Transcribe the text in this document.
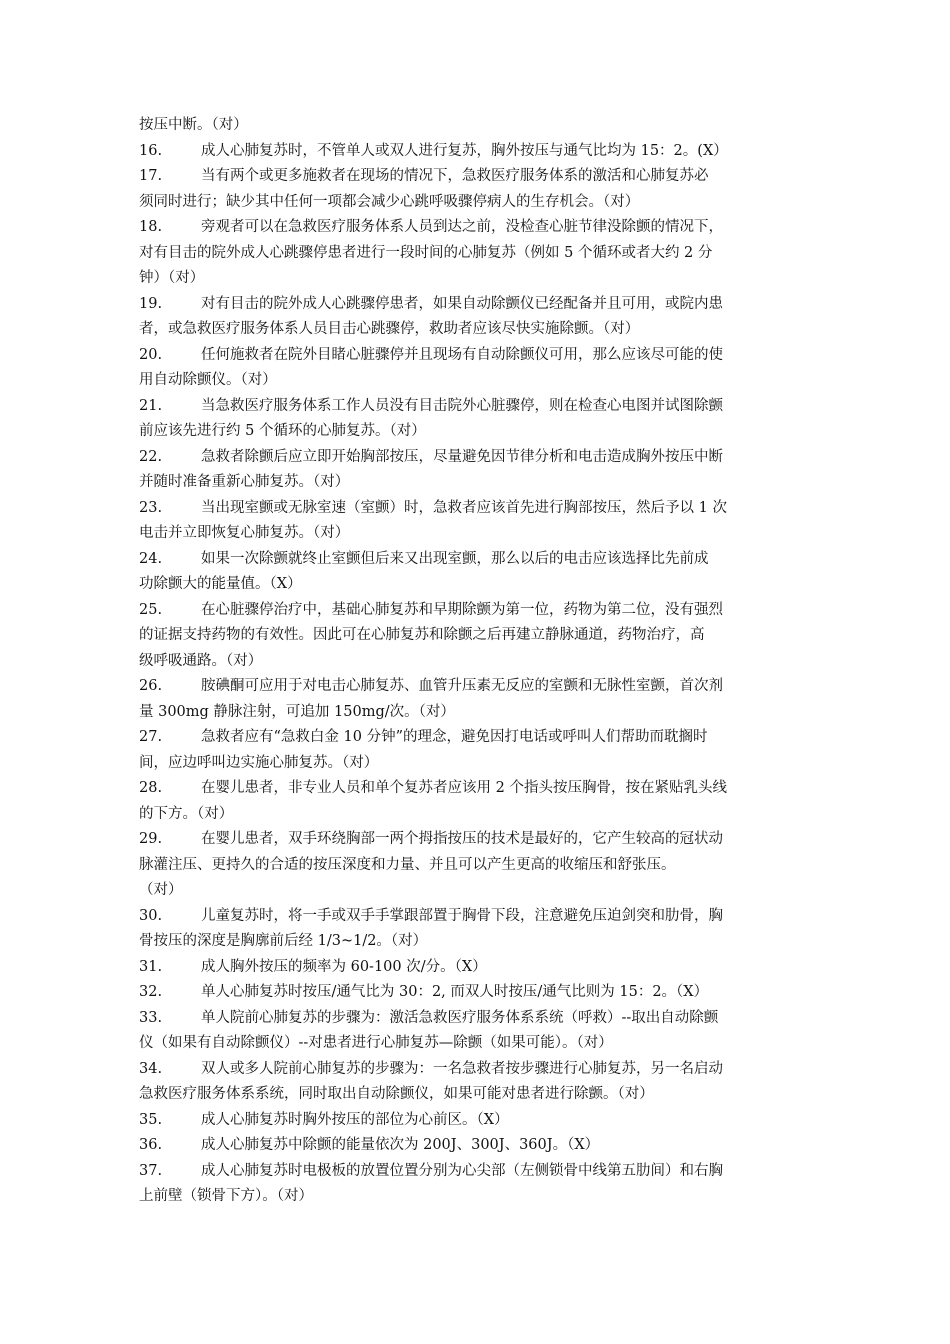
按压中断。（对）
16.	成人心肺复苏时，不管单人或双人进行复苏，胸外按压与通气比均为 15：2。(X）
17.	当有两个或更多施救者在现场的情况下，急救医疗服务体系的激活和心肺复苏必
须同时进行；缺少其中任何一项都会减少心跳呼吸骤停病人的生存机会。（对）
18.	旁观者可以在急救医疗服务体系人员到达之前，没检查心脏节律没除颤的情况下，
对有目击的院外成人心跳骤停患者进行一段时间的心肺复苏（例如 5 个循环或者大约 2 分
钟）（对）
19.	对有目击的院外成人心跳骤停患者，如果自动除颤仪已经配备并且可用，或院内患
者，或急救医疗服务体系人员目击心跳骤停，救助者应该尽快实施除颤。（对）
20.	任何施救者在院外目睹心脏骤停并且现场有自动除颤仪可用，那么应该尽可能的使
用自动除颤仪。（对）
21.	当急救医疗服务体系工作人员没有目击院外心脏骤停，则在检查心电图并试图除颤
前应该先进行约 5 个循环的心肺复苏。（对）
22.	急救者除颤后应立即开始胸部按压，尽量避免因节律分析和电击造成胸外按压中断
并随时准备重新心肺复苏。（对）
23.	当出现室颤或无脉室速（室颤）时，急救者应该首先进行胸部按压，然后予以 1 次
电击并立即恢复心肺复苏。（对）
24.	如果一次除颤就终止室颤但后来又出现室颤，那么以后的电击应该选择比先前成
功除颤大的能量值。（X）
25.	在心脏骤停治疗中，基础心肺复苏和早期除颤为第一位，药物为第二位，没有强烈
的证据支持药物的有效性。因此可在心肺复苏和除颤之后再建立静脉通道，药物治疗，高
级呼吸通路。（对）
26.	胺碘酮可应用于对电击心肺复苏、血管升压素无反应的室颤和无脉性室颤，首次剂
量 300mg 静脉注射，可追加 150mg/次。（对）
27.	急救者应有“急救白金 10 分钟”的理念，避免因打电话或呼叫人们帮助而耽搁时
间，应边呼叫边实施心肺复苏。（对）
28.	在婴儿患者，非专业人员和单个复苏者应该用 2 个指头按压胸骨，按在紧贴乳头线
的下方。（对）
29.	在婴儿患者，双手环绕胸部一两个拇指按压的技术是最好的，它产生较高的冠状动
脉灌注压、更持久的合适的按压深度和力量、并且可以产生更高的收缩压和舒张压。
（对）
30.	儿童复苏时，将一手或双手手掌跟部置于胸骨下段，注意避免压迫剑突和肋骨，胸
骨按压的深度是胸廓前后经 1/3~1/2。（对）
31.	成人胸外按压的频率为 60-100 次/分。（X）
32.	单人心肺复苏时按压/通气比为 30：2, 而双人时按压/通气比则为 15：2。（X）
33.	单人院前心肺复苏的步骤为：激活急救医疗服务体系系统（呼救）--取出自动除颤
仪（如果有自动除颤仪）--对患者进行心肺复苏—除颤（如果可能）。（对）
34.	双人或多人院前心肺复苏的步骤为：一名急救者按步骤进行心肺复苏，另一名启动
急救医疗服务体系系统，同时取出自动除颤仪，如果可能对患者进行除颤。（对）
35.	成人心肺复苏时胸外按压的部位为心前区。（X）
36.	成人心肺复苏中除颤的能量依次为 200J、300J、360J。（X）
37.	成人心肺复苏时电极板的放置位置分别为心尖部（左侧锁骨中线第五肋间）和右胸
上前壁（锁骨下方）。（对）
